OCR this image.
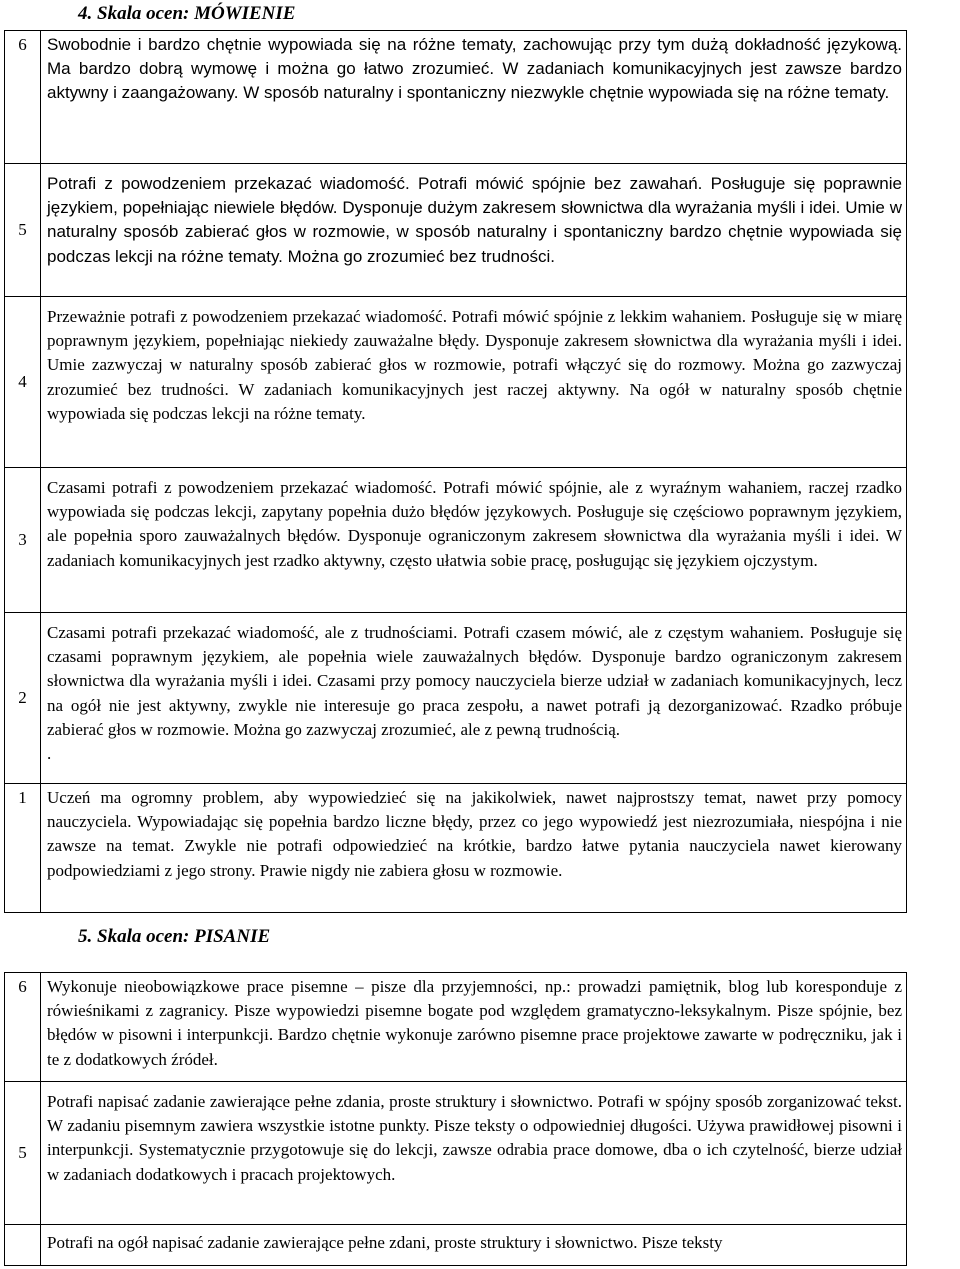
4. Skala ocen: MÓWIENIE
6	Swobodnie i bardzo chętnie wypowiada się na różne tematy, zachowując przy tym dużą dokładność językową. Ma bardzo dobrą wymowę i można go łatwo zrozumieć. W zadaniach komunikacyjnych jest zawsze bardzo aktywny i zaangażowany. W sposób naturalny i spontaniczny niezwykle chętnie wypowiada się na różne tematy.
5	Potrafi z powodzeniem przekazać wiadomość. Potrafi mówić spójnie bez zawahań. Posługuje się poprawnie językiem, popełniając niewiele błędów. Dysponuje dużym zakresem słownictwa dla wyrażania myśli i idei. Umie w naturalny sposób zabierać głos w rozmowie, w sposób naturalny i spontaniczny bardzo chętnie wypowiada się podczas lekcji na różne tematy. Można go zrozumieć bez trudności.
4	Przeważnie potrafi z powodzeniem przekazać wiadomość. Potrafi mówić spójnie z lekkim wahaniem. Posługuje się w miarę poprawnym językiem, popełniając niekiedy zauważalne błędy. Dysponuje zakresem słownictwa dla wyrażania myśli i idei. Umie zazwyczaj w naturalny sposób zabierać głos w rozmowie, potrafi włączyć się do rozmowy. Można go zazwyczaj zrozumieć bez trudności. W zadaniach komunikacyjnych jest raczej aktywny. Na ogół w naturalny sposób chętnie wypowiada się podczas lekcji na różne tematy.
3	Czasami potrafi z powodzeniem przekazać wiadomość. Potrafi mówić spójnie, ale z wyraźnym wahaniem, raczej rzadko wypowiada się podczas lekcji, zapytany popełnia dużo błędów językowych. Posługuje się częściowo poprawnym językiem, ale popełnia sporo zauważalnych błędów. Dysponuje ograniczonym zakresem słownictwa dla wyrażania myśli i idei. W zadaniach komunikacyjnych jest rzadko aktywny, często ułatwia sobie pracę, posługując się językiem ojczystym.
2	Czasami potrafi przekazać wiadomość, ale z trudnościami. Potrafi czasem mówić, ale z częstym wahaniem. Posługuje się czasami poprawnym językiem, ale popełnia wiele zauważalnych błędów. Dysponuje bardzo ograniczonym zakresem słownictwa dla wyrażania myśli i idei. Czasami przy pomocy nauczyciela bierze udział w zadaniach komunikacyjnych, lecz na ogół nie jest aktywny, zwykle nie interesuje go praca zespołu, a nawet potrafi ją dezorganizować. Rzadko próbuje zabierać głos w rozmowie. Można go zazwyczaj zrozumieć, ale z pewną trudnością.
.

1	Uczeń ma ogromny problem, aby wypowiedzieć się na jakikolwiek, nawet najprostszy temat, nawet przy pomocy nauczyciela. Wypowiadając się popełnia bardzo liczne błędy, przez co jego wypowiedź jest niezrozumiała, niespójna i nie zawsze na temat. Zwykle nie potrafi odpowiedzieć na krótkie, bardzo łatwe pytania nauczyciela nawet kierowany podpowiedziami z jego strony. Prawie nigdy nie zabiera głosu w rozmowie.
5. Skala ocen: PISANIE
6	Wykonuje nieobowiązkowe prace pisemne – pisze dla przyjemności, np.: prowadzi pamiętnik, blog lub koresponduje z rówieśnikami z zagranicy. Pisze wypowiedzi pisemne bogate pod względem gramatyczno-leksykalnym. Pisze spójnie, bez błędów w pisowni i interpunkcji. Bardzo chętnie wykonuje zarówno pisemne prace projektowe zawarte w podręczniku, jak i te z dodatkowych źródeł.
5	Potrafi napisać zadanie zawierające pełne zdania, proste struktury i słownictwo. Potrafi w spójny sposób zorganizować tekst. W zadaniu pisemnym zawiera wszystkie istotne punkty. Pisze teksty o odpowiedniej długości. Używa prawidłowej pisowni i interpunkcji. Systematycznie przygotowuje się do lekcji, zawsze odrabia prace domowe, dba o ich czytelność, bierze udział w zadaniach dodatkowych i pracach projektowych.
	Potrafi na ogół napisać zadanie zawierające pełne zdani, proste struktury i słownictwo. Pisze teksty
